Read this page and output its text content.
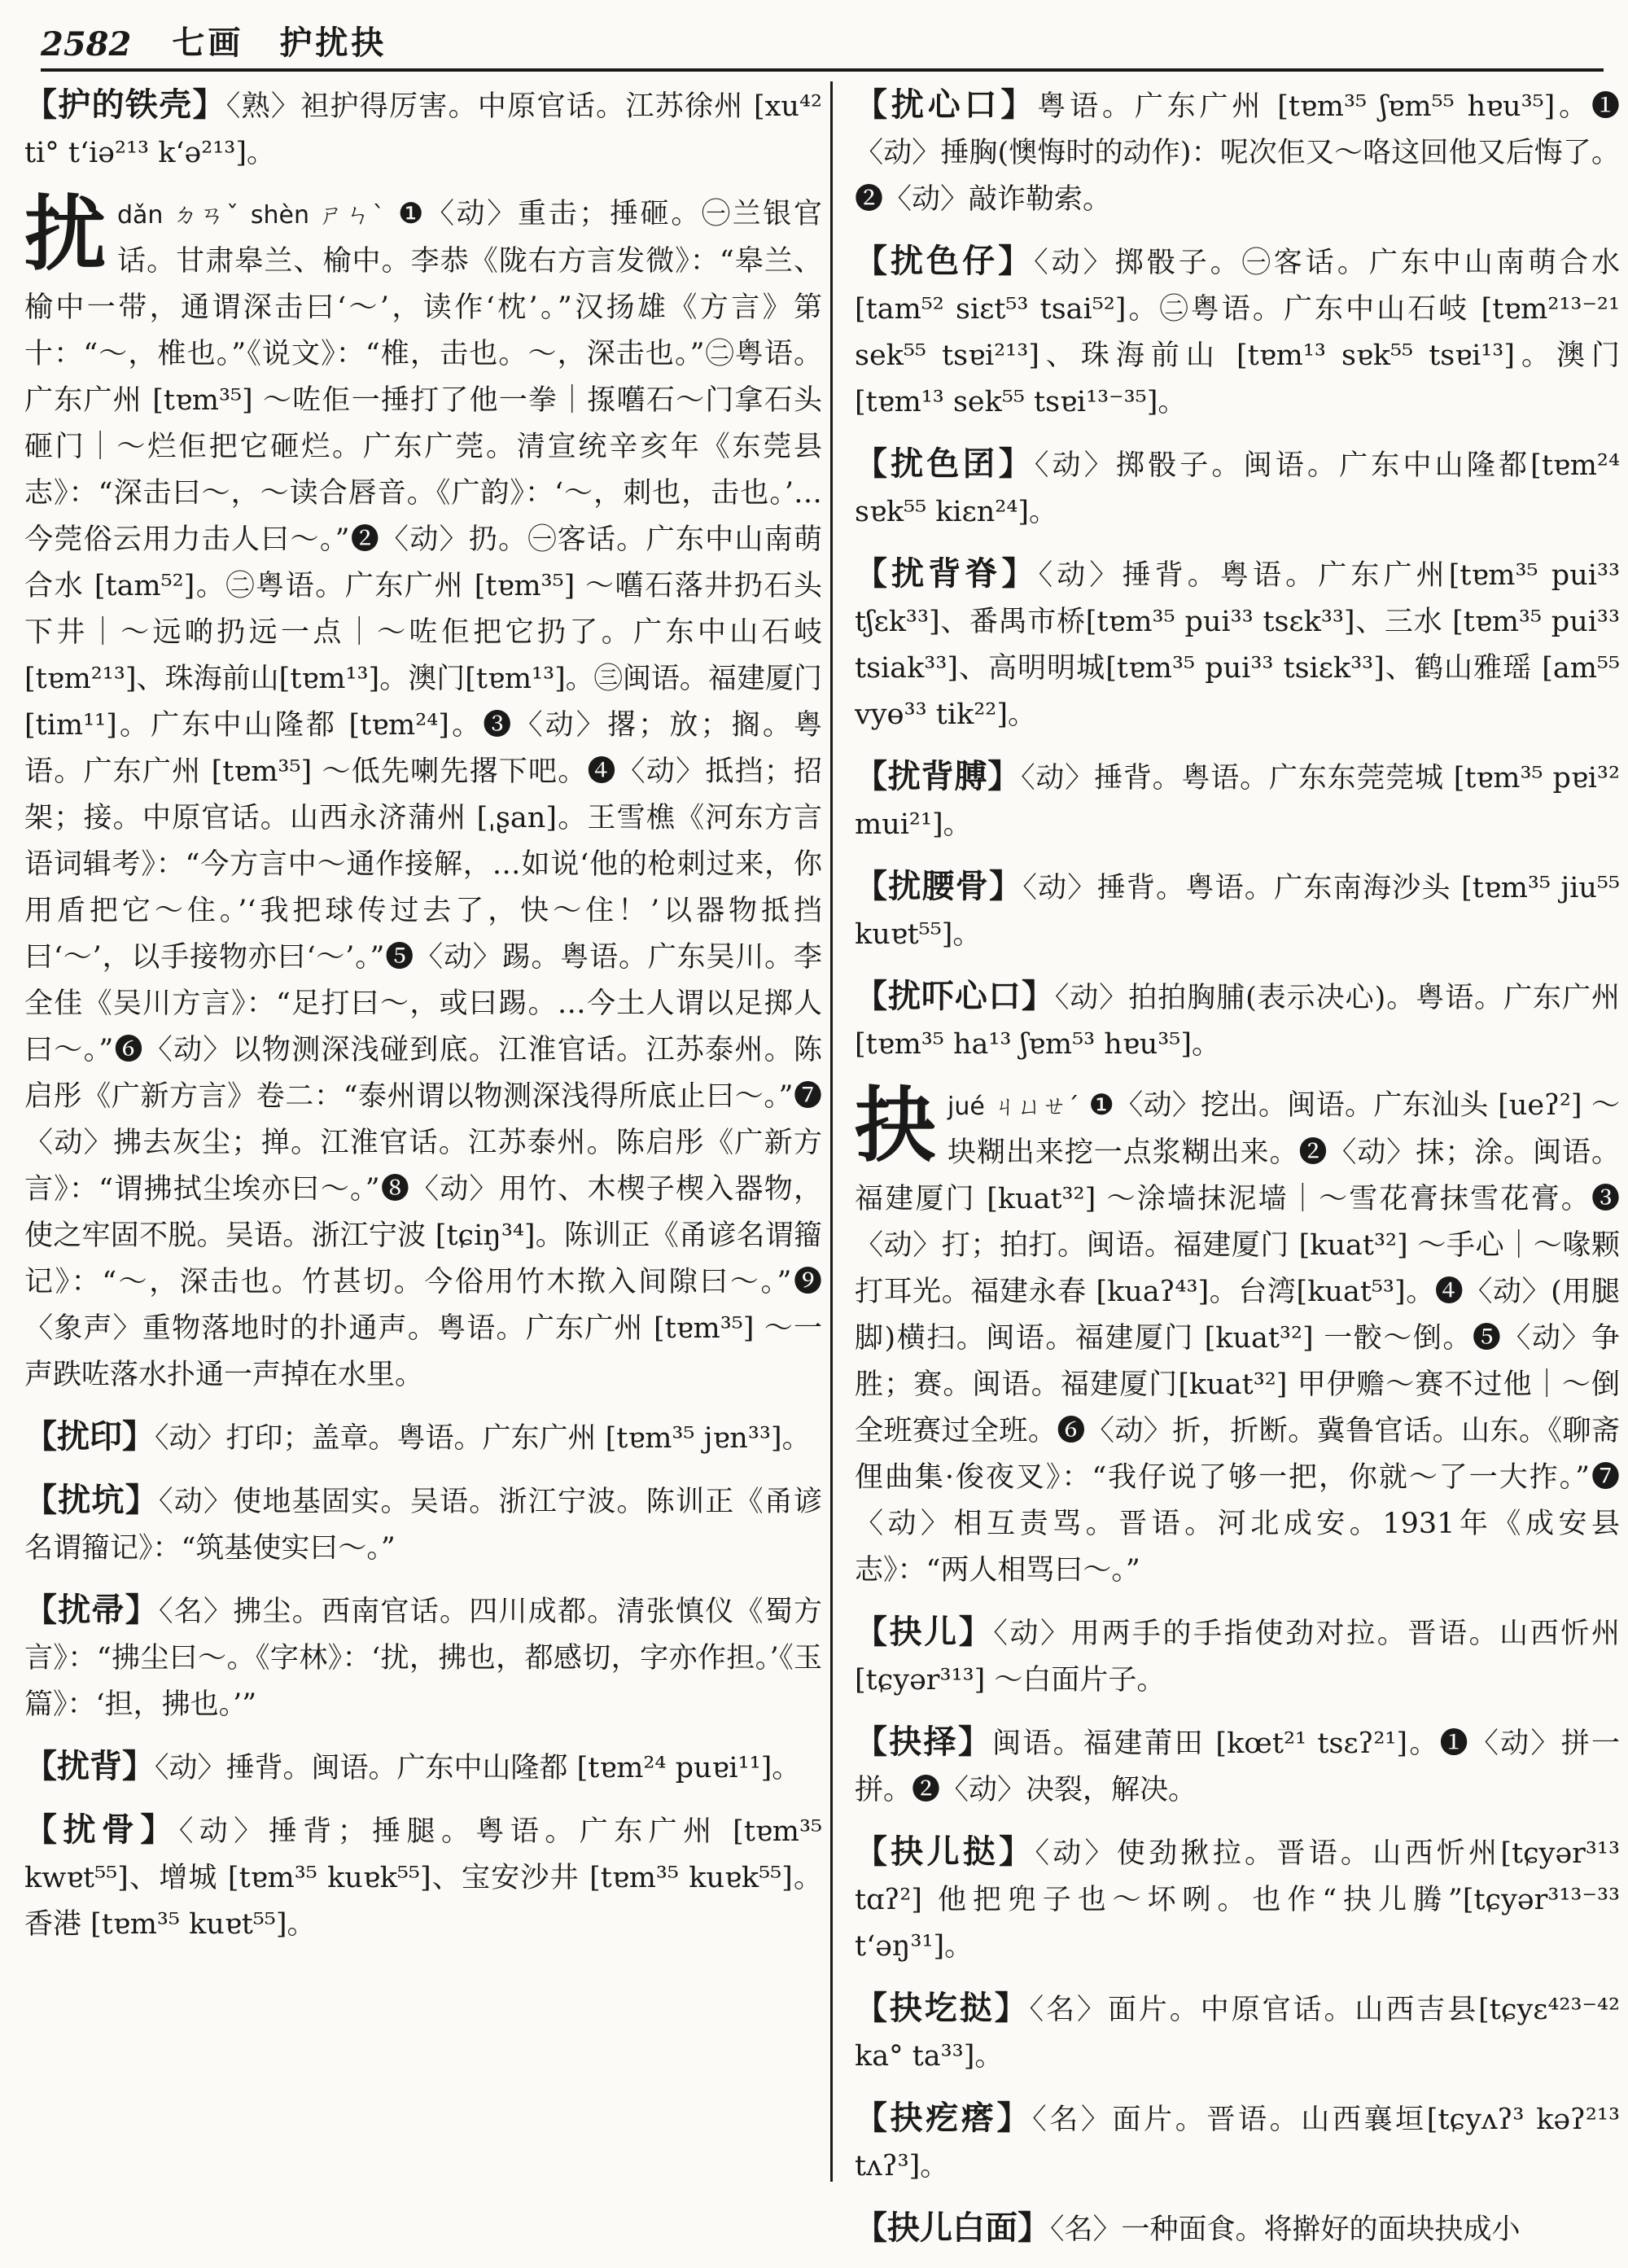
2582 七画　护扰抉
【护的铁壳】〈熟〉袒护得厉害。中原官话。江苏徐州 [xu⁴² ti° tʻiə²¹³ kʻə²¹³]。
扰dǎn ㄉㄢˇ shèn ㄕㄣˋ ❶〈动〉重击；捶砸。㊀兰银官话。甘肃皋兰、榆中。李恭《陇右方言发微》：“皋兰、榆中一带，通谓深击曰‘～’，读作‘枕’。”汉扬雄《方言》第十：“～，椎也。”《说文》：“椎，击也。～，深击也。”㊁粤语。广东广州 [tɐm³⁵] ～咗佢一捶打了他一拳｜揼嚿石～门拿石头砸门｜～烂佢把它砸烂。广东广莞。清宣统辛亥年《东莞县志》：“深击曰～，～读合唇音。《广韵》：‘～，刺也，击也。’…今莞俗云用力击人曰～。”❷〈动〉扔。㊀客话。广东中山南萌合水 [tam⁵²]。㊁粤语。广东广州 [tɐm³⁵] ～嚿石落井扔石头下井｜～远啲扔远一点｜～咗佢把它扔了。广东中山石岐 [tɐm²¹³]、珠海前山[tɐm¹³]。澳门[tɐm¹³]。㊂闽语。福建厦门[tim¹¹]。广东中山隆都 [tɐm²⁴]。❸〈动〉撂；放；搁。粤语。广东广州 [tɐm³⁵] ～低先喇先撂下吧。❹〈动〉抵挡；招架；接。中原官话。山西永济蒲州 [ˌʂan]。王雪樵《河东方言语词辑考》：“今方言中～通作接解，…如说‘他的枪刺过来，你用盾把它～住。’‘我把球传过去了，快～住！’以器物抵挡曰‘～’，以手接物亦曰‘～’。”❺〈动〉踢。粤语。广东吴川。李全佳《吴川方言》：“足打曰～，或曰踢。…今土人谓以足掷人曰～。”❻〈动〉以物测深浅碰到底。江淮官话。江苏泰州。陈启彤《广新方言》卷二：“泰州谓以物测深浅得所底止曰～。”❼〈动〉拂去灰尘；掸。江淮官话。江苏泰州。陈启彤《广新方言》：“谓拂拭尘埃亦曰～。”❽〈动〉用竹、木楔子楔入器物，使之牢固不脱。吴语。浙江宁波 [tɕiŋ³⁴]。陈训正《甬谚名谓籀记》：“～，深击也。竹甚切。今俗用竹木揿入间隙曰～。”❾〈象声〉重物落地时的扑通声。粤语。广东广州 [tɐm³⁵] ～一声跌咗落水扑通一声掉在水里。
【扰印】〈动〉打印；盖章。粤语。广东广州 [tɐm³⁵ jɐn³³]。
【扰坑】〈动〉使地基固实。吴语。浙江宁波。陈训正《甬谚名谓籀记》：“筑基使实曰～。”
【扰帚】〈名〉拂尘。西南官话。四川成都。清张慎仪《蜀方言》：“拂尘曰～。《字林》：‘扰，拂也，都感切，字亦作担。’《玉篇》：‘担，拂也。’”
【扰背】〈动〉捶背。闽语。广东中山隆都 [tɐm²⁴ puɐi¹¹]。
【扰骨】〈动〉捶背；捶腿。粤语。广东广州 [tɐm³⁵ kwɐt⁵⁵]、增城 [tɐm³⁵ kuɐk⁵⁵]、宝安沙井 [tɐm³⁵ kuɐk⁵⁵]。香港 [tɐm³⁵ kuɐt⁵⁵]。
【扰心口】粤语。广东广州 [tɐm³⁵ ʃɐm⁵⁵ hɐu³⁵]。❶〈动〉捶胸(懊悔时的动作)：呢次佢又～咯这回他又后悔了。❷〈动〉敲诈勒索。
【扰色仔】〈动〉掷骰子。㊀客话。广东中山南萌合水 [tam⁵² siɛt⁵³ tsai⁵²]。㊁粤语。广东中山石岐 [tɐm²¹³⁻²¹ sek⁵⁵ tsɐi²¹³]、珠海前山 [tɐm¹³ sɐk⁵⁵ tsɐi¹³]。澳门 [tɐm¹³ sek⁵⁵ tsɐi¹³⁻³⁵]。
【扰色囝】〈动〉掷骰子。闽语。广东中山隆都[tɐm²⁴ sɐk⁵⁵ kiɛn²⁴]。
【扰背脊】〈动〉捶背。粤语。广东广州[tɐm³⁵ pui³³ tʃɛk³³]、番禺市桥[tɐm³⁵ pui³³ tsɛk³³]、三水 [tɐm³⁵ pui³³ tsiak³³]、高明明城[tɐm³⁵ pui³³ tsiɛk³³]、鹤山雅瑶 [am⁵⁵ vyɵ³³ tik²²]。
【扰背膊】〈动〉捶背。粤语。广东东莞莞城 [tɐm³⁵ pɐi³² mui²¹]。
【扰腰骨】〈动〉捶背。粤语。广东南海沙头 [tɐm³⁵ jiu⁵⁵ kuɐt⁵⁵]。
【扰吓心口】〈动〉拍拍胸脯(表示决心)。粤语。广东广州 [tɐm³⁵ ha¹³ ʃɐm⁵³ hɐu³⁵]。
抉jué ㄐㄩㄝˊ ❶〈动〉挖出。闽语。广东汕头 [ueʔ²] ～块糊出来挖一点浆糊出来。❷〈动〉抹；涂。闽语。福建厦门 [kuat³²] ～涂墙抹泥墙｜～雪花膏抹雪花膏。❸〈动〉打；拍打。闽语。福建厦门 [kuat³²] ～手心｜～喙颗打耳光。福建永春 [kuaʔ⁴³]。台湾[kuat⁵³]。❹〈动〉(用腿脚)横扫。闽语。福建厦门 [kuat³²] 一骹～倒。❺〈动〉争胜；赛。闽语。福建厦门[kuat³²] 甲伊赡～赛不过他｜～倒全班赛过全班。❻〈动〉折，折断。冀鲁官话。山东。《聊斋俚曲集·俊夜叉》：“我仔说了够一把，你就～了一大拃。”❼〈动〉相互责骂。晋语。河北成安。1931年《成安县志》：“两人相骂曰～。”
【抉儿】〈动〉用两手的手指使劲对拉。晋语。山西忻州 [tɕyər³¹³] ～白面片子。
【抉择】闽语。福建莆田 [kœt²¹ tsɛʔ²¹]。❶〈动〉拼一拼。❷〈动〉决裂，解决。
【抉儿挞】〈动〉使劲揪拉。晋语。山西忻州[tɕyər³¹³ tɑʔ²] 他把兜子也～坏咧。也作“抉儿腾”[tɕyər³¹³⁻³³ tʻəŋ³¹]。
【抉圪挞】〈名〉面片。中原官话。山西吉县[tɕyɛ⁴²³⁻⁴² ka° ta³³]。
【抉疙瘩】〈名〉面片。晋语。山西襄垣[tɕyʌʔ³ kəʔ²¹³ tʌʔ³]。
【抉儿白面】〈名〉一种面食。将擀好的面块抉成小
